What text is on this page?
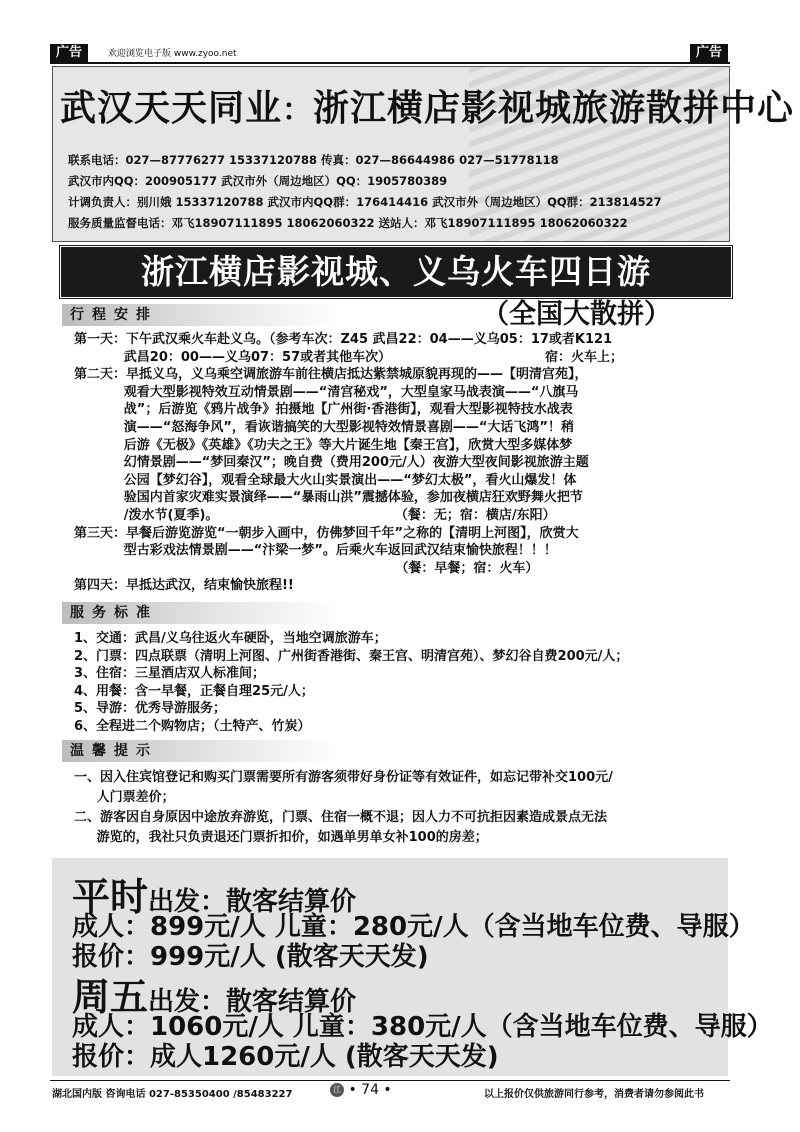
广告	欢迎浏览电子版 www.zyoo.net	广告
武汉天天同业：浙江横店影视城旅游散拼中心
联系电话：027—87776277 15337120788 传真：027—86644986 027—51778118
武汉市内QQ：200905177 武汉市外（周边地区）QQ：1905780389
计调负责人：别川娥 15337120788 武汉市内QQ群：176414416 武汉市外（周边地区）QQ群：213814527
服务质量监督电话：邓飞18907111895 18062060322 送站人：邓飞18907111895 18062060322
浙江横店影视城、义乌火车四日游
（全国大散拼）
行程安排
第一天：下午武汉乘火车赴义乌。（参考车次：Z45 武昌22：04——义乌05：17或者K121
武昌20：00——义乌07：57或者其他车次）                                  宿：火车上；
第二天：早抵义乌，义乌乘空调旅游车前往横店抵达紫禁城原貌再现的——【明清宫苑】，
观看大型影视特效互动情景剧——“清宫秘戏”，大型皇家马战表演——“八旗马
战”；后游览《鸦片战争》拍摄地【广州街·香港街】，观看大型影视特技水战表
演——“怒海争风”，看诙谐搞笑的大型影视特效情景喜剧——“大话飞鸿”！稍
后游《无极》《英雄》《功夫之王》等大片诞生地【秦王宫】，欣赏大型多媒体梦
幻情景剧——“梦回秦汉”；晚自费（费用200元/人）夜游大型夜间影视旅游主题
公园【梦幻谷】，观看全球最大火山实景演出——“梦幻太极”，看火山爆发！体
验国内首家灾难实景演绎——“暴雨山洪”震撼体验，参加夜横店狂欢野舞火把节
/泼水节(夏季)。                                       （餐：无；宿：横店/东阳）
第三天：早餐后游览游览“一朝步入画中，仿佛梦回千年”之称的【清明上河图】，欣赏大
型古彩戏法情景剧——“汴梁一梦”。后乘火车返回武汉结束愉快旅程！！！
（餐：早餐；宿：火车）
第四天：早抵达武汉，结束愉快旅程!!
服务标准
1、交通：武昌/义乌往返火车硬卧，当地空调旅游车；
2、门票：四点联票（清明上河图、广州街香港街、秦王宫、明清宫苑）、梦幻谷自费200元/人；
3、住宿：三星酒店双人标准间；
4、用餐：含一早餐，正餐自理25元/人；
5、导游：优秀导游服务；
6、全程进二个购物店；（土特产、竹炭）
温馨提示
一、因入住宾馆登记和购买门票需要所有游客须带好身份证等有效证件，如忘记带补交100元/
人门票差价；
二、游客因自身原因中途放弃游览，门票、住宿一概不退；因人力不可抗拒因素造成景点无法
游览的，我社只负责退还门票折扣价，如遇单男单女补100的房差；
平时出发：散客结算价
成人：899元/人 儿童：280元/人（含当地车位费、导服）
报价：999元/人 (散客天天发)
周五出发：散客结算价
成人：1060元/人 儿童：380元/人（含当地车位费、导服）
报价：成人1260元/人 (散客天天发)
湖北国内版 咨询电话 027-85350400 /85483227	江 • 74 •	以上报价仅供旅游同行参考，消费者请勿参阅此书
